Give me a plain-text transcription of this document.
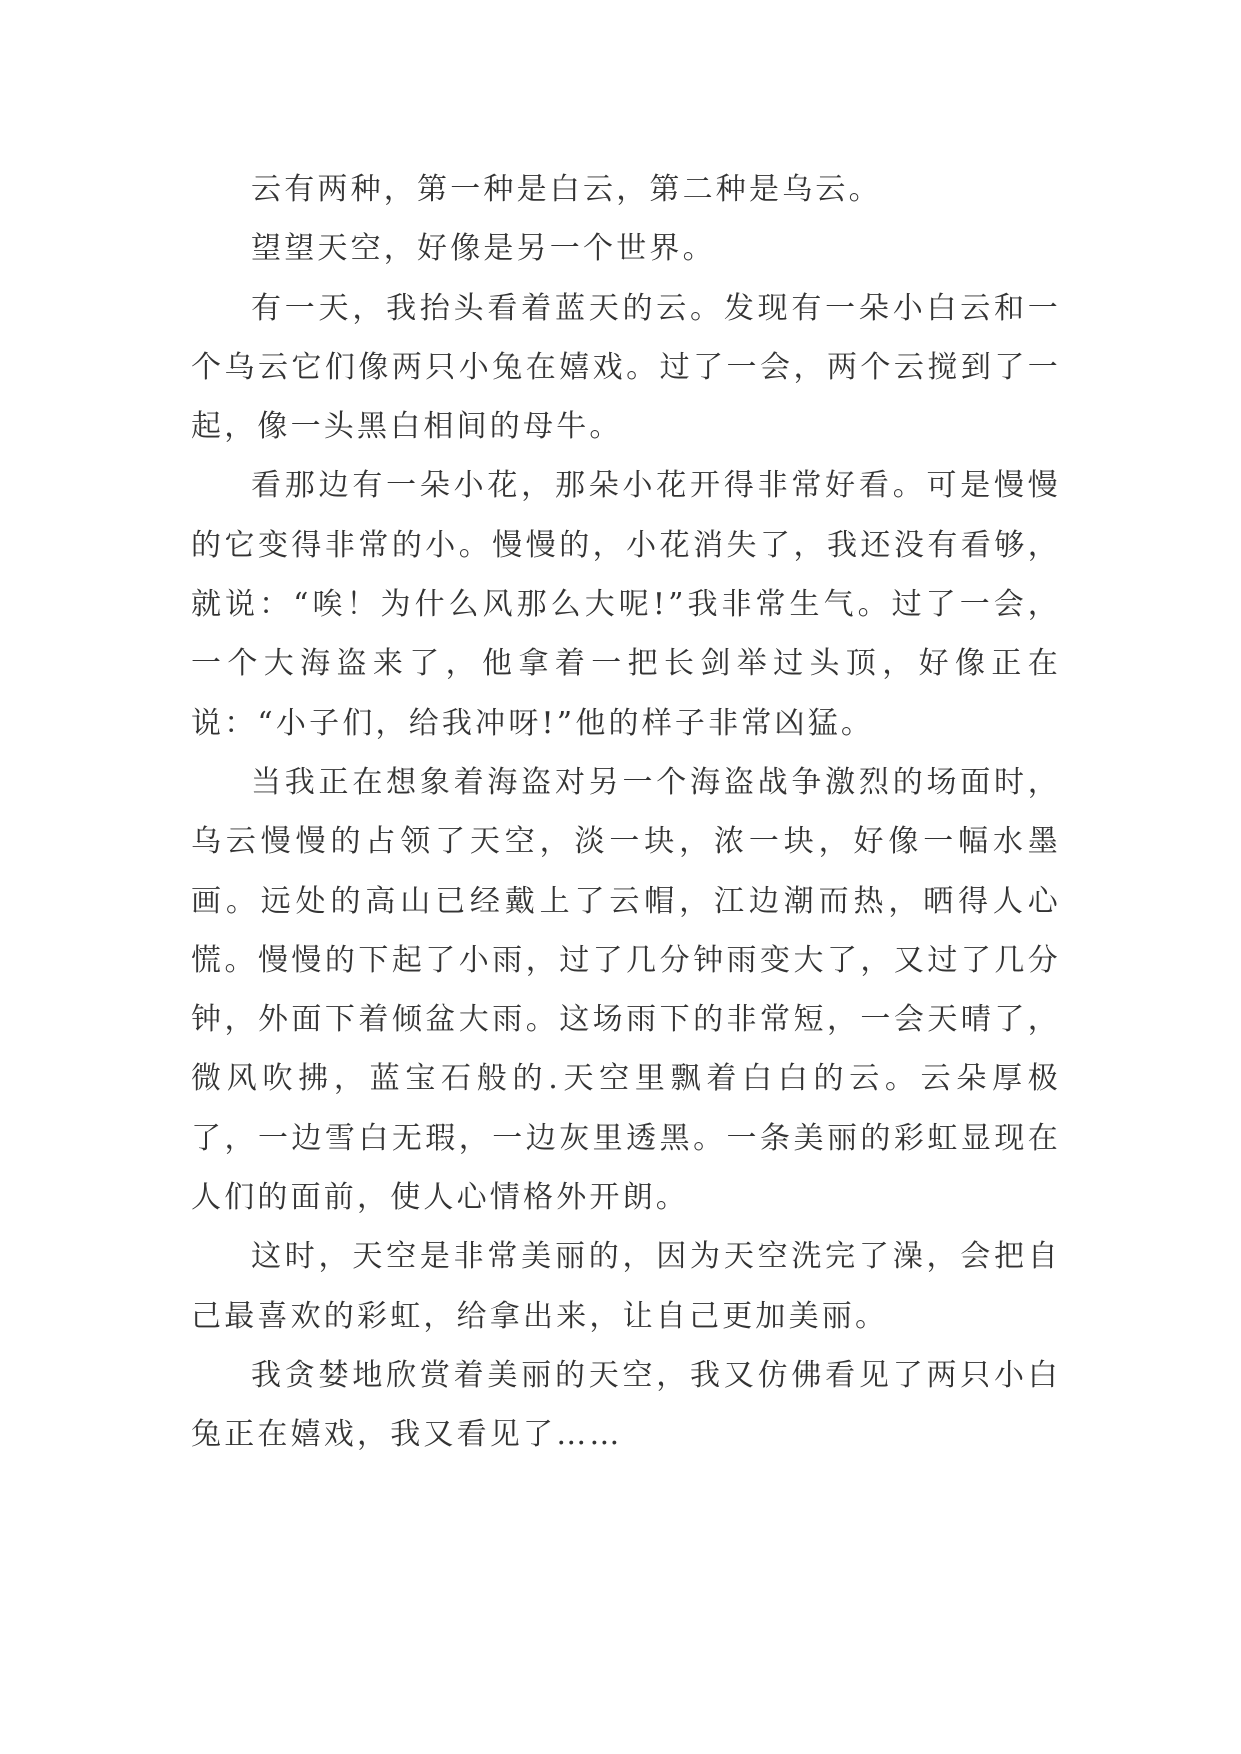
云有两种，第一种是白云，第二种是乌云。

望望天空，好像是另一个世界。

有一天，我抬头看着蓝天的云。发现有一朵小白云和一个乌云它们像两只小兔在嬉戏。过了一会，两个云搅到了一起，像一头黑白相间的母牛。

看那边有一朵小花，那朵小花开得非常好看。可是慢慢的它变得非常的小。慢慢的，小花消失了，我还没有看够，就说：“唉！为什么风那么大呢!”我非常生气。过了一会，一个大海盗来了，他拿着一把长剑举过头顶，好像正在说：“小子们，给我冲呀!”他的样子非常凶猛。

当我正在想象着海盗对另一个海盗战争激烈的场面时，乌云慢慢的占领了天空，淡一块，浓一块，好像一幅水墨画。远处的高山已经戴上了云帽，江边潮而热，晒得人心慌。慢慢的下起了小雨，过了几分钟雨变大了，又过了几分钟，外面下着倾盆大雨。这场雨下的非常短，一会天晴了，微风吹拂，蓝宝石般的.天空里飘着白白的云。云朵厚极了，一边雪白无瑕，一边灰里透黑。一条美丽的彩虹显现在人们的面前，使人心情格外开朗。

这时，天空是非常美丽的，因为天空洗完了澡，会把自己最喜欢的彩虹，给拿出来，让自己更加美丽。

我贪婪地欣赏着美丽的天空，我又仿佛看见了两只小白兔正在嬉戏，我又看见了……
